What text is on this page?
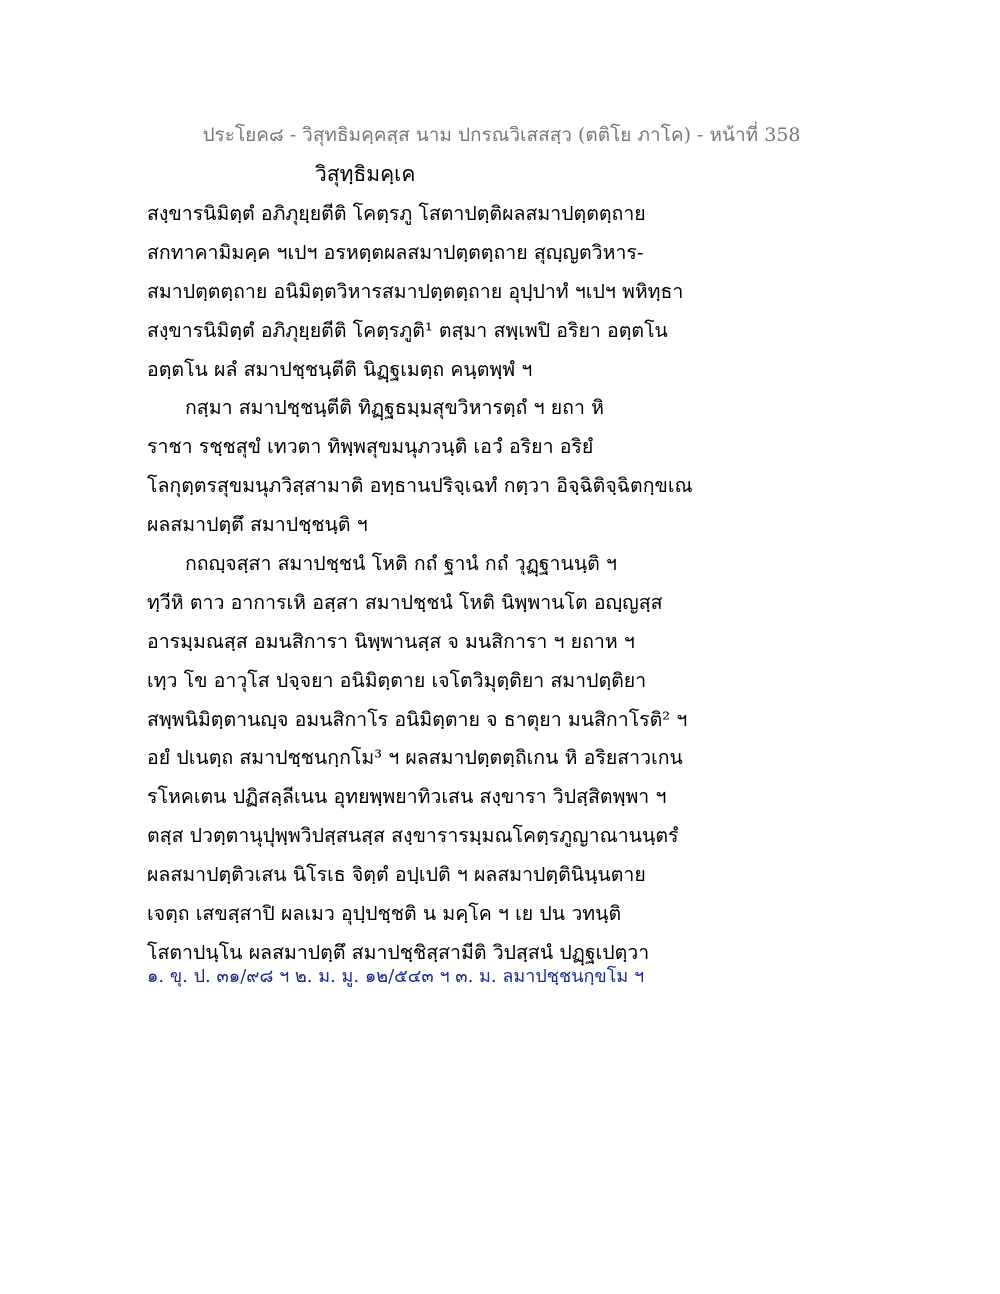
ประโยค๘ - วิสุทธิมคฺคสฺส นาม ปกรณวิเสสสฺว (ตติโย ภาโค) - หน้าที่ 358
วิสุทฺธิมคฺเค
สงฺขารนิมิตฺตํ อภิภุยฺยตีติ โคตฺรภู โสตาปตฺติผลสมาปตฺตตฺถาย
สกทาคามิมคฺค ฯเปฯ อรหตฺตผลสมาปตฺตตฺถาย สุญฺญตวิหาร-
สมาปตฺตตฺถาย อนิมิตฺตวิหารสมาปตฺตตฺถาย อุปฺปาทํ ฯเปฯ พหิทฺธา
สงฺขารนิมิตฺตํ อภิภุยฺยตีติ โคตฺรภูติ¹ ตสฺมา สพฺเพปิ อริยา อตฺตโน
อตฺตโน ผลํ สมาปชฺชนฺตีติ นิฏฺฐเมตฺถ คนฺตพฺพํ ฯ
กสฺมา สมาปชฺชนฺตีติ ทิฏฺฐธมฺมสุขวิหารตฺถํ ฯ ยถา หิ
ราชา รชฺชสุขํ เทวตา ทิพฺพสุขมนุภวนฺติ เอวํ อริยา อริยํ
โลกุตฺตรสุขมนุภวิสฺสามาติ อทฺธานปริจฺเฉทํ กตฺวา อิจฺฉิติจฺฉิตกฺขเณ
ผลสมาปตฺตึ สมาปชฺชนฺติ ฯ
กถญฺจสฺสา สมาปชฺชนํ โหติ กถํ ฐานํ กถํ วุฏฺฐานนฺติ ฯ
ทฺวีหิ ตาว อาการเหิ อสฺสา สมาปชฺชนํ โหติ นิพฺพานโต อญฺญสฺส
อารมฺมณสฺส อมนสิการา นิพฺพานสฺส จ มนสิการา ฯ ยถาห ฯ
เทฺว โข อาวุโส ปจฺจยา อนิมิตฺตาย เจโตวิมุตฺติยา สมาปตฺติยา
สพฺพนิมิตฺตานญฺจ อมนสิกาโร อนิมิตฺตาย จ ธาตุยา มนสิกาโรติ² ฯ
อยํ ปเนตฺถ สมาปชฺชนกฺกโม³ ฯ ผลสมาปตฺตตฺถิเกน หิ อริยสาวเกน
รโหคเตน ปฏิสลฺลีเนน อุทยพฺพยาทิวเสน สงฺขารา วิปสฺสิตพฺพา ฯ
ตสฺส ปวตฺตานุปุพฺพวิปสฺสนสฺส สงฺขารารมฺมณโคตฺรภูญาณานนฺตรํ
ผลสมาปตฺติวเสน นิโรเธ จิตฺตํ อปฺเปติ ฯ ผลสมาปตฺตินินฺนตาย
เจตฺถ เสขสฺสาปิ ผลเมว อุปฺปชฺชติ น มคฺโค ฯ เย ปน วทนฺติ
โสตาปนฺโน ผลสมาปตฺตึ สมาปชฺชิสฺสามีติ วิปสฺสนํ ปฏฺฐเปตฺวา
๑. ขุ. ป. ๓๑/๙๘ ฯ ๒. ม. มู. ๑๒/๕๔๓ ฯ ๓. ม. ลมาปชฺชนกฺขโม ฯ
